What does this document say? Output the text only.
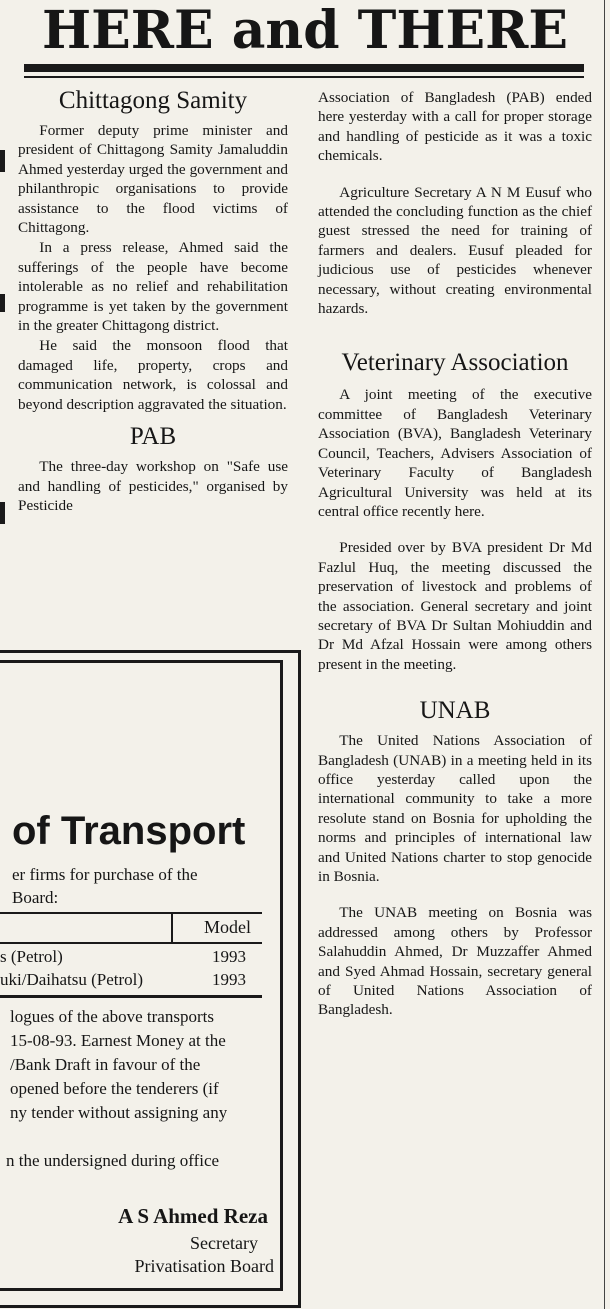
HERE and THERE
Chittagong Samity

Former deputy prime minister and president of Chittagong Samity Jamaluddin Ahmed yesterday urged the government and philanthropic organisations to provide assistance to the flood victims of Chittagong.

In a press release, Ahmed said the sufferings of the people have become intolerable as no relief and rehabilitation programme is yet taken by the government in the greater Chittagong district.

He said the monsoon flood that damaged life, property, crops and communication network, is colossal and beyond description aggravated the situation.

PAB

The three-day workshop on "Safe use and handling of pesticides," organised by Pesticide

Association of Bangladesh (PAB) ended here yesterday with a call for proper storage and handling of pesticide as it was a toxic chemicals.

Agriculture Secretary A N M Eusuf who attended the concluding function as the chief guest stressed the need for training of farmers and dealers. Eusuf pleaded for judicious use of pesticides whenever necessary, without creating environmental hazards.

Veterinary Association

A joint meeting of the executive committee of Bangladesh Veterinary Association (BVA), Bangladesh Veterinary Council, Teachers, Advisers Association of Veterinary Faculty of Bangladesh Agricultural University was held at its central office recently here.

Presided over by BVA president Dr Md Fazlul Huq, the meeting discussed the preservation of livestock and problems of the association. General secretary and joint secretary of BVA Dr Sultan Mohiuddin and Dr Md Afzal Hossain were among others present in the meeting.

UNAB

The United Nations Association of Bangladesh (UNAB) in a meeting held in its office yesterday called upon the international community to take a more resolute stand on Bosnia for upholding the norms and principles of international law and United Nations charter to stop genocide in Bosnia.

The UNAB meeting on Bosnia was addressed among others by Professor Salahuddin Ahmed, Dr Muzzaffer Ahmed and Syed Ahmad Hossain, secretary general of United Nations Association of Bangladesh.

of Transport
er firms for purchase of the
Board:
Model
s (Petrol)	1993
uki/Daihatsu (Petrol)	1993
logues of the above transports
15-08-93. Earnest Money at the
/Bank Draft in favour of the
opened before the tenderers (if
ny tender without assigning any
n the undersigned during office
A S Ahmed Reza
Secretary
Privatisation Board
